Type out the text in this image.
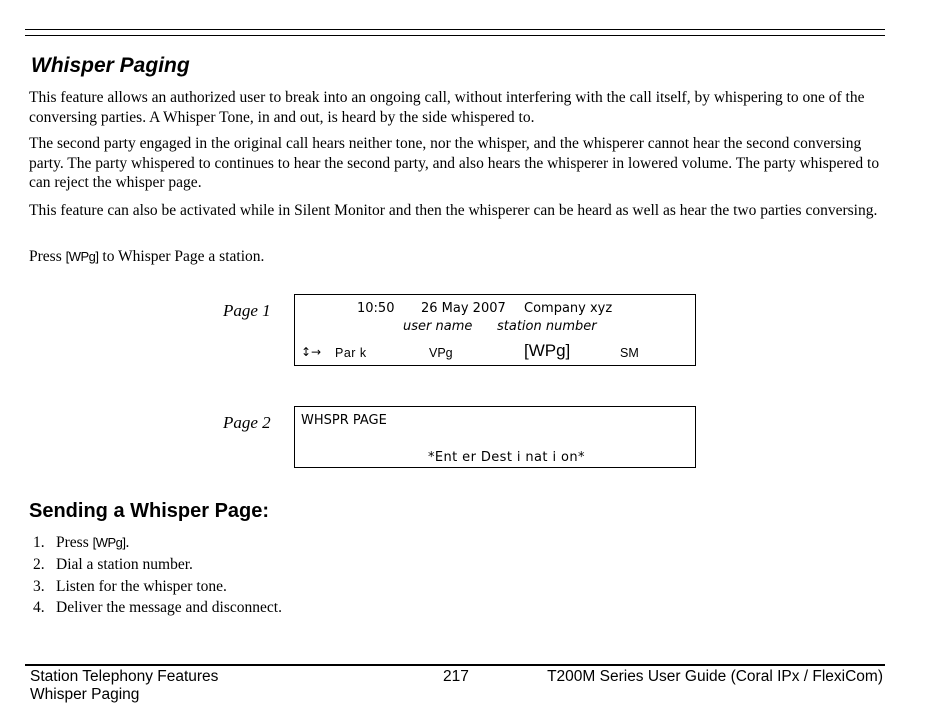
Whisper Paging
This feature allows an authorized user to break into an ongoing call, without interfering with the call itself, by whispering to one of the conversing parties. A Whisper Tone, in and out, is heard by the side whispered to.
The second party engaged in the original call hears neither tone, nor the whisper, and the whisperer cannot hear the second conversing party. The party whispered to continues to hear the second party, and also hears the whisperer in lowered volume. The party whispered to can reject the whisper page.
This feature can also be activated while in Silent Monitor and then the whisperer can be heard as well as hear the two parties conversing.
Press [WPg] to Whisper Page a station.
Page 1	10:50 26 May 2007 Company xyz
user name station number
↕→ Par k	VPg	[WPg]	SM
Page 2 WHSPR PAGE
*Ent er Dest i nat i on*
Sending a Whisper Page:
1. Press [WPg].
2. Dial a station number.
3. Listen for the whisper tone.
4. Deliver the message and disconnect.
Station Telephony Features
Whisper Paging
217	T200M Series User Guide (Coral IPx / FlexiCom)
